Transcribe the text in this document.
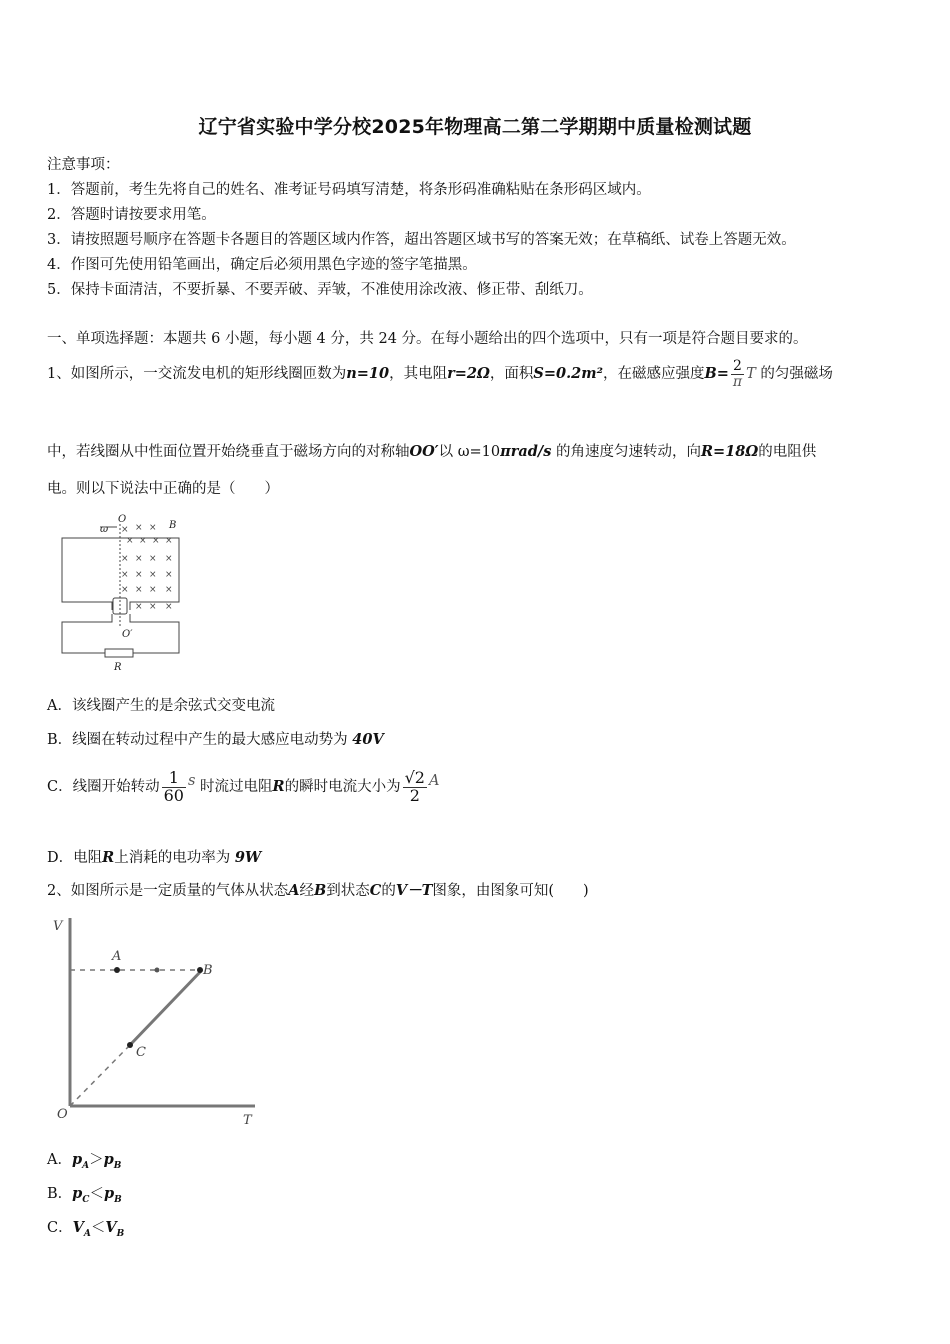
辽宁省实验中学分校2025年物理高二第二学期期中质量检测试题
注意事项：
1．答题前，考生先将自己的姓名、准考证号码填写清楚，将条形码准确粘贴在条形码区域内。
2．答题时请按要求用笔。
3．请按照题号顺序在答题卡各题目的答题区域内作答，超出答题区域书写的答案无效；在草稿纸、试卷上答题无效。
4．作图可先使用铅笔画出，确定后必须用黑色字迹的签字笔描黑。
5．保持卡面清洁，不要折暴、不要弄破、弄皱，不准使用涂改液、修正带、刮纸刀。
一、单项选择题：本题共 6 小题，每小题 4 分，共 24 分。在每小题给出的四个选项中，只有一项是符合题目要求的。
1、如图所示，一交流发电机的矩形线圈匝数为n=10，其电阻r=2Ω，面积S=0.2m²，在磁感应强度$B= \frac{2}{\pi}$ T 的匀强磁场
中，若线圈从中性面位置开始绕垂直于磁场方向的对称轴OO′以 ω=10πrad/s 的角速度匀速转动，向R=18Ω的电阻供
电。则以下说法中正确的是（　　）
× × × ×
× × × ×
× × × ×
× × × ×
× × ×
× × ×
ω
O
B
O′
R
A．该线圈产生的是余弦式交变电流
B．线圈在转动过程中产生的最大感应电动势为 40V
C．线圈开始转动 $\frac{1}{60}$ s 时流过电阻R的瞬时电流大小为 $\frac{√2}{2}$ A
D．电阻R上消耗的电功率为 9W
2、如图所示是一定质量的气体从状态A经B到状态C的V－T图象，由图象可知(　　)
V
T
O
A
B
C
A．$p_A>p_B$
B．$p_C<p_B$
C．$V_A<V_B$
